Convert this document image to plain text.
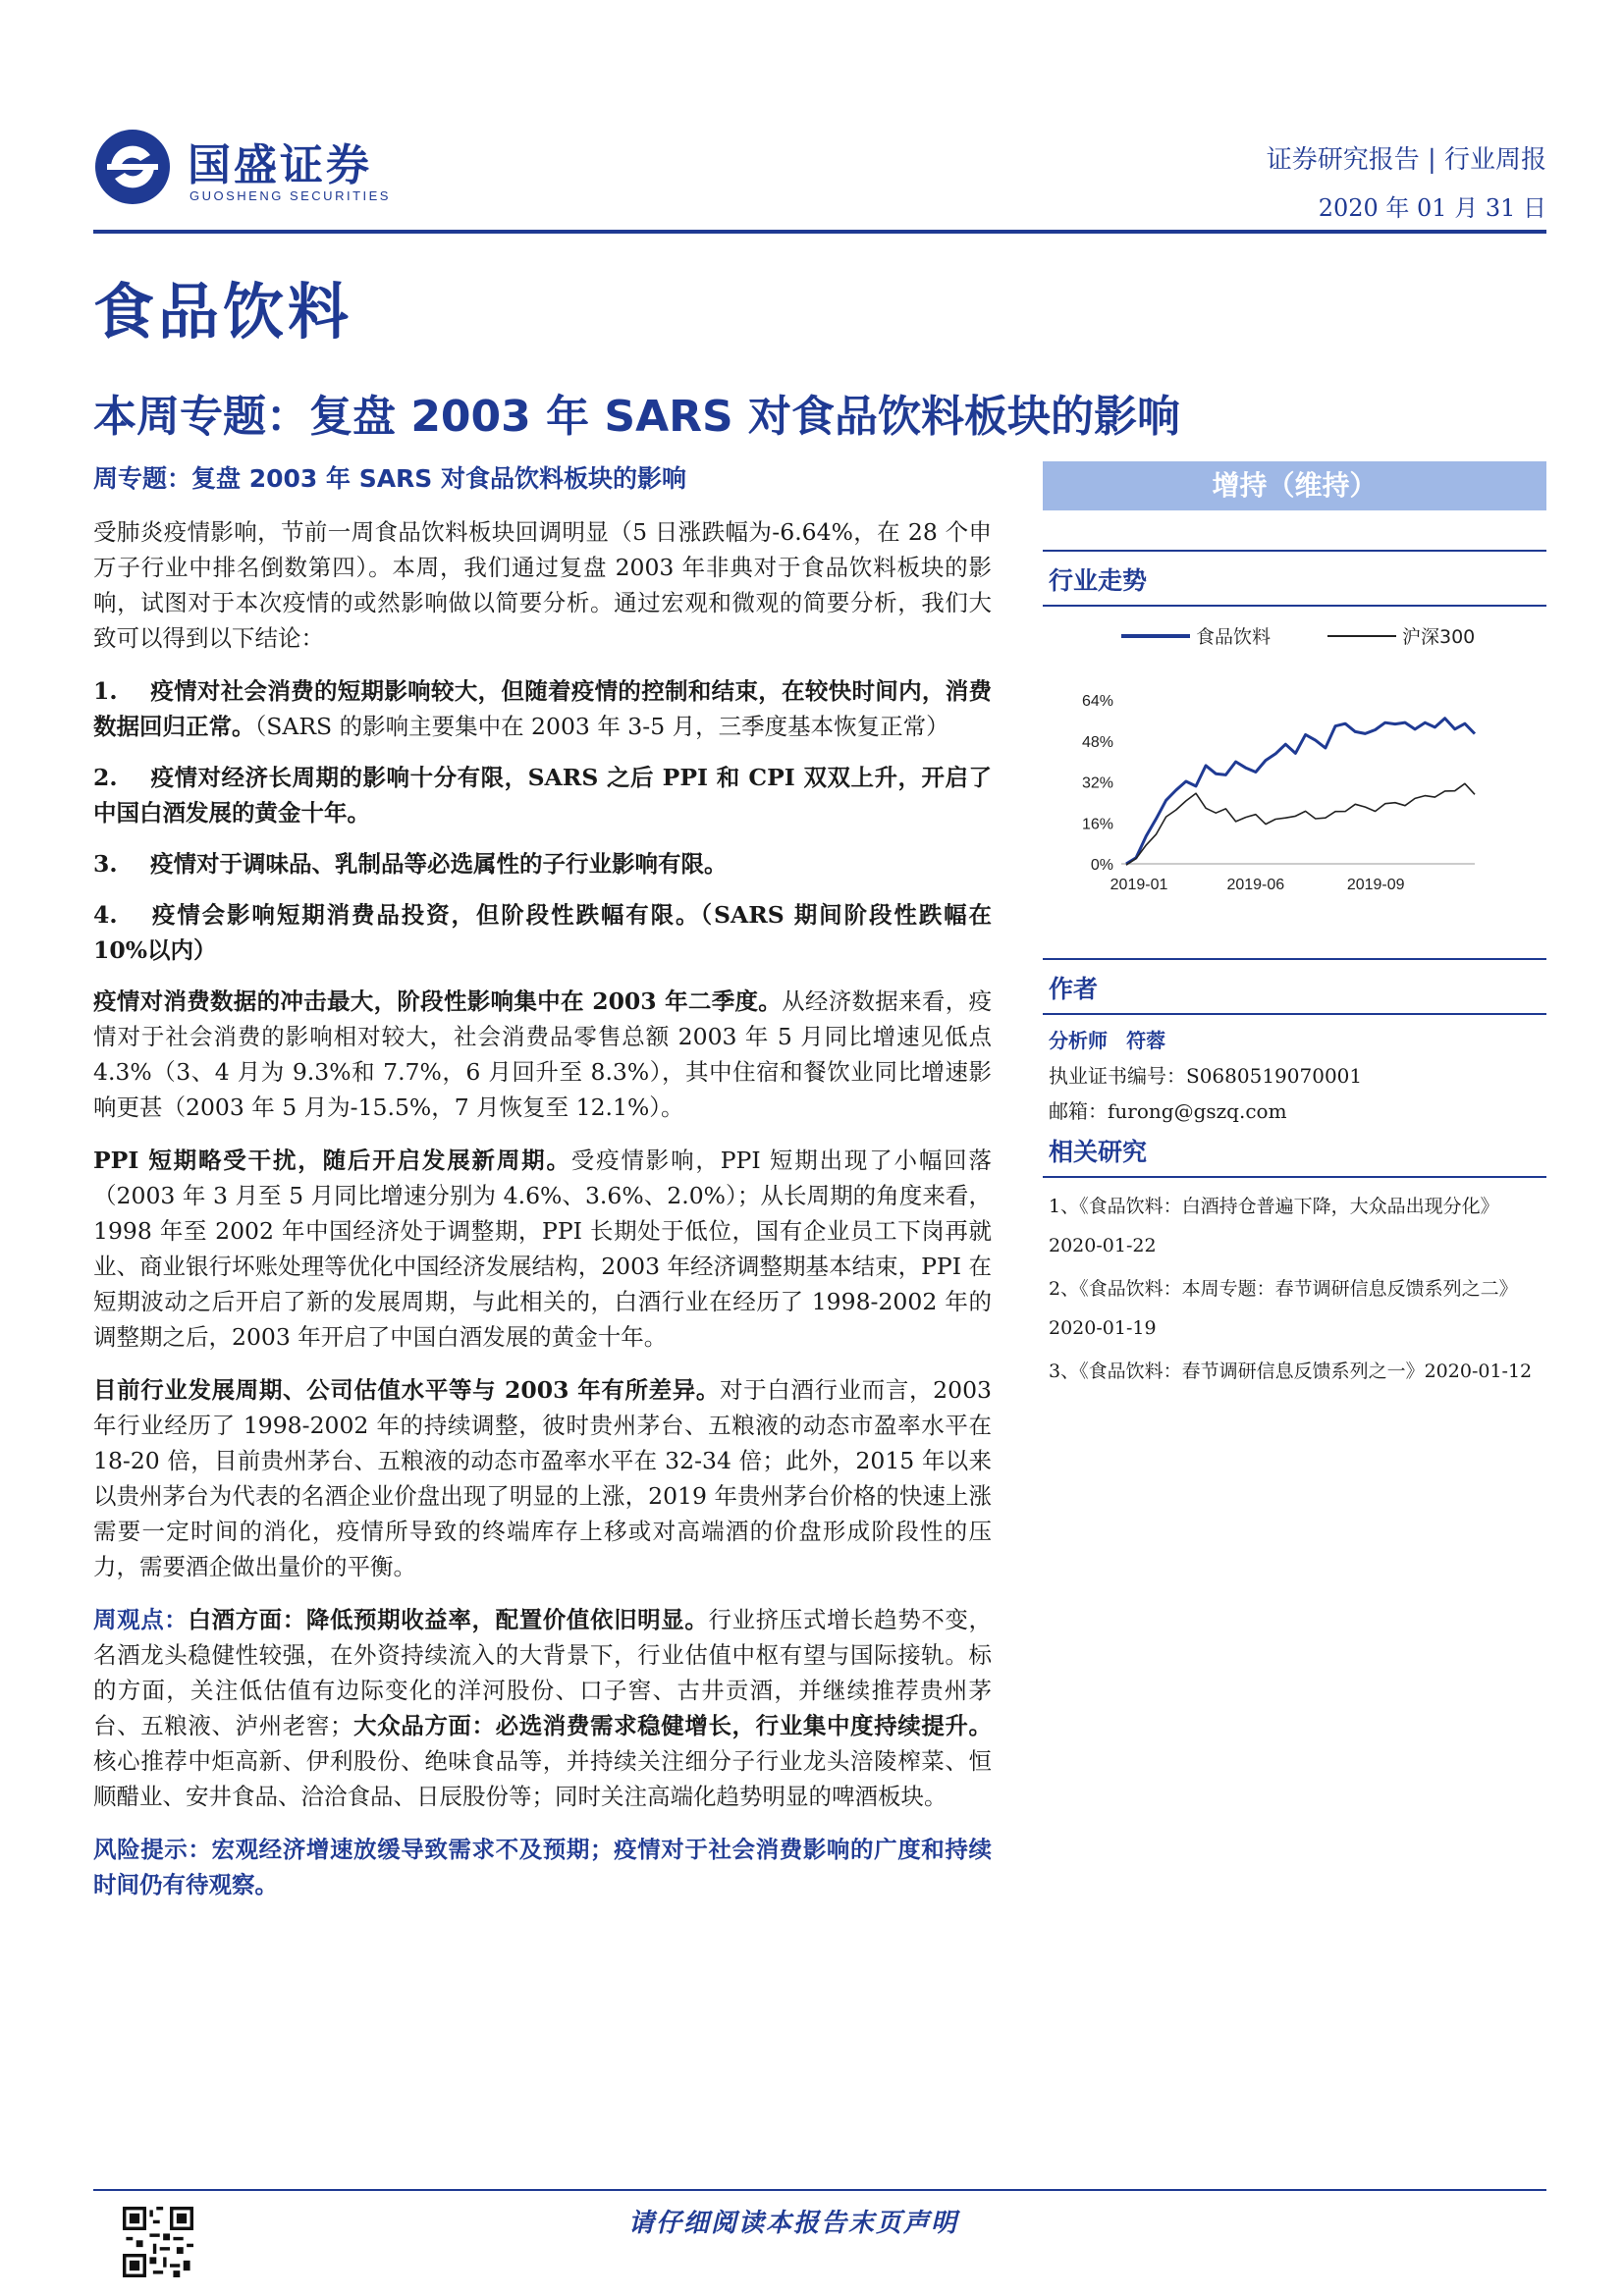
国盛证券
GUOSHENG SECURITIES
证券研究报告 | 行业周报
2020 年 01 月 31 日
食品饮料
本周专题：复盘 2003 年 SARS 对食品饮料板块的影响
周专题：复盘 2003 年 SARS 对食品饮料板块的影响

受肺炎疫情影响，节前一周食品饮料板块回调明显（5 日涨跌幅为-6.64%，在 28 个申万子行业中排名倒数第四）。本周，我们通过复盘 2003 年非典对于食品饮料板块的影响，试图对于本次疫情的或然影响做以简要分析。通过宏观和微观的简要分析，我们大致可以得到以下结论：

1. 疫情对社会消费的短期影响较大，但随着疫情的控制和结束，在较快时间内，消费数据回归正常。（SARS 的影响主要集中在 2003 年 3-5 月，三季度基本恢复正常）
2. 疫情对经济长周期的影响十分有限，SARS 之后 PPI 和 CPI 双双上升，开启了中国白酒发展的黄金十年。
3. 疫情对于调味品、乳制品等必选属性的子行业影响有限。
4. 疫情会影响短期消费品投资，但阶段性跌幅有限。（SARS 期间阶段性跌幅在 10%以内）

疫情对消费数据的冲击最大，阶段性影响集中在 2003 年二季度。从经济数据来看，疫情对于社会消费的影响相对较大，社会消费品零售总额 2003 年 5 月同比增速见低点 4.3%（3、4 月为 9.3%和 7.7%，6 月回升至 8.3%），其中住宿和餐饮业同比增速影响更甚（2003 年 5 月为-15.5%，7 月恢复至 12.1%）。

PPI 短期略受干扰，随后开启发展新周期。受疫情影响，PPI 短期出现了小幅回落（2003 年 3 月至 5 月同比增速分别为 4.6%、3.6%、2.0%）；从长周期的角度来看，1998 年至 2002 年中国经济处于调整期，PPI 长期处于低位，国有企业员工下岗再就业、商业银行坏账处理等优化中国经济发展结构，2003 年经济调整期基本结束，PPI 在短期波动之后开启了新的发展周期，与此相关的，白酒行业在经历了 1998-2002 年的调整期之后，2003 年开启了中国白酒发展的黄金十年。

目前行业发展周期、公司估值水平等与 2003 年有所差异。对于白酒行业而言，2003 年行业经历了 1998-2002 年的持续调整，彼时贵州茅台、五粮液的动态市盈率水平在 18-20 倍，目前贵州茅台、五粮液的动态市盈率水平在 32-34 倍；此外，2015 年以来以贵州茅台为代表的名酒企业价盘出现了明显的上涨，2019 年贵州茅台价格的快速上涨需要一定时间的消化，疫情所导致的终端库存上移或对高端酒的价盘形成阶段性的压力，需要酒企做出量价的平衡。

周观点：白酒方面：降低预期收益率，配置价值依旧明显。行业挤压式增长趋势不变，名酒龙头稳健性较强，在外资持续流入的大背景下，行业估值中枢有望与国际接轨。标的方面，关注低估值有边际变化的洋河股份、口子窖、古井贡酒，并继续推荐贵州茅台、五粮液、泸州老窖；大众品方面：必选消费需求稳健增长，行业集中度持续提升。核心推荐中炬高新、伊利股份、绝味食品等，并持续关注细分子行业龙头涪陵榨菜、恒顺醋业、安井食品、洽洽食品、日辰股份等；同时关注高端化趋势明显的啤酒板块。

风险提示：宏观经济增速放缓导致需求不及预期；疫情对于社会消费影响的广度和持续时间仍有待观察。

增持（维持）
行业走势
食品饮料	沪深300
64%
48%
32%
16%
0%
2019-01	2019-06	2019-09
作者
分析师 符蓉
执业证书编号：S0680519070001
邮箱：furong@gszq.com
相关研究
1、《食品饮料：白酒持仓普遍下降，大众品出现分化》
2020-01-22
2、《食品饮料：本周专题：春节调研信息反馈系列之二》
2020-01-19
3、《食品饮料：春节调研信息反馈系列之一》2020-01-12
请仔细阅读本报告末页声明
